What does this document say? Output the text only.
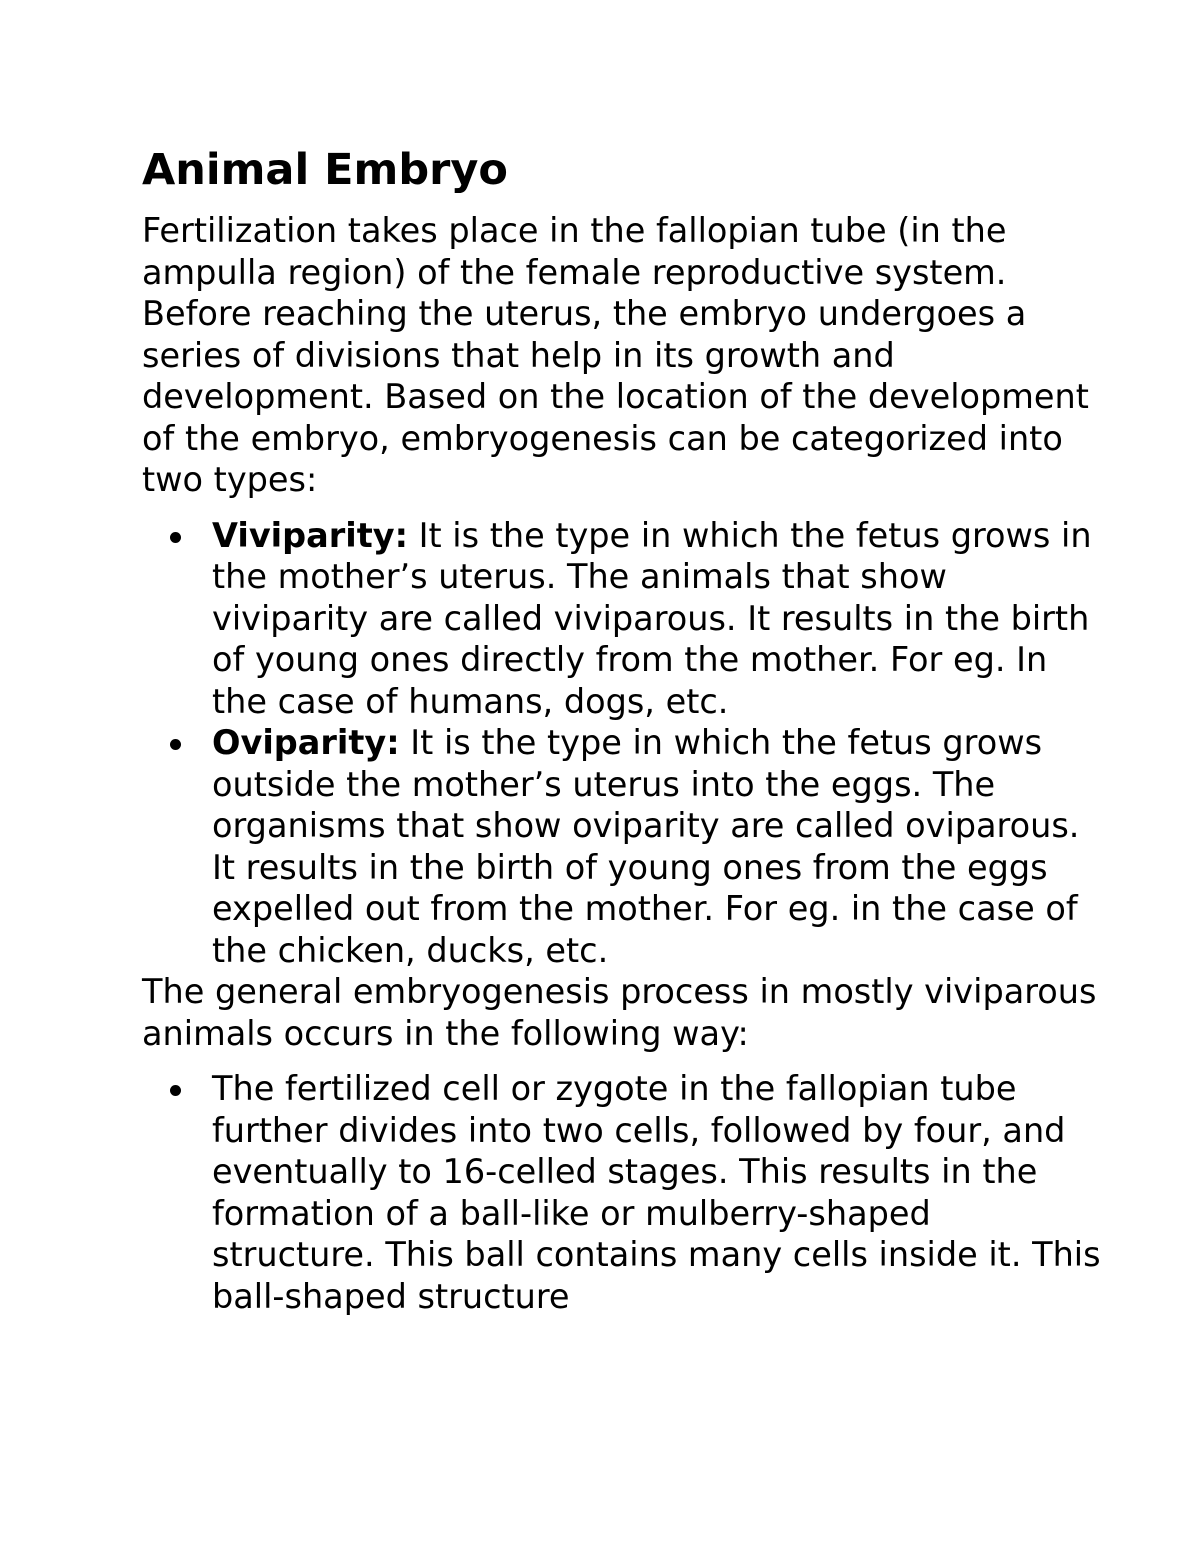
Animal Embryo

Fertilization takes place in the fallopian tube (in the ampulla region) of the female reproductive system. Before reaching the uterus, the embryo undergoes a series of divisions that help in its growth and development. Based on the location of the development of the embryo, embryogenesis can be categorized into two types:

Viviparity: It is the type in which the fetus grows in the mother’s uterus. The animals that show viviparity are called viviparous. It results in the birth of young ones directly from the mother. For eg. In the case of humans, dogs, etc.
Oviparity: It is the type in which the fetus grows outside the mother’s uterus into the eggs. The organisms that show oviparity are called oviparous. It results in the birth of young ones from the eggs expelled out from the mother. For eg. in the case of the chicken, ducks, etc.

The general embryogenesis process in mostly viviparous animals occurs in the following way:

The fertilized cell or zygote in the fallopian tube further divides into two cells, followed by four, and eventually to 16-celled stages. This results in the formation of a ball-like or mulberry-shaped structure. This ball contains many cells inside it. This ball-shaped structure
